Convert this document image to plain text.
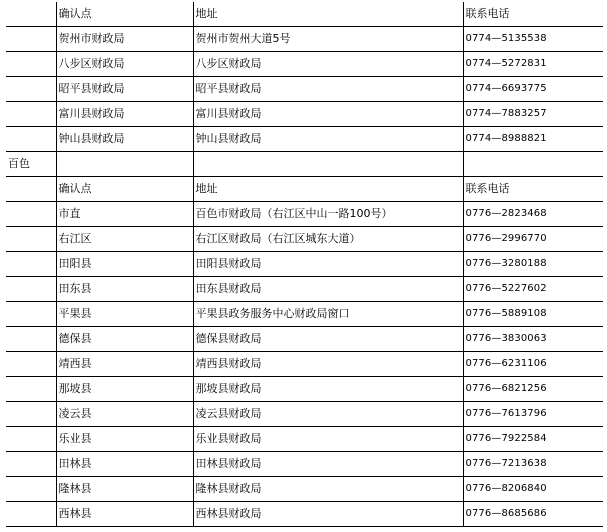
	确认点	地址	联系电话
	贺州市财政局	贺州市贺州大道5号	0774—5135538
	八步区财政局	八步区财政局	0774—5272831
	昭平县财政局	昭平县财政局	0774—6693775
	富川县财政局	富川县财政局	0774—7883257
	钟山县财政局	钟山县财政局	0774—8988821
百色			
	确认点	地址	联系电话
	市直	百色市财政局（右江区中山一路100号）	0776—2823468
	右江区	右江区财政局（右江区城东大道）	0776—2996770
	田阳县	田阳县财政局	0776—3280188
	田东县	田东县财政局	0776—5227602
	平果县	平果县政务服务中心财政局窗口	0776—5889108
	德保县	德保县财政局	0776—3830063
	靖西县	靖西县财政局	0776—6231106
	那坡县	那坡县财政局	0776—6821256
	凌云县	凌云县财政局	0776—7613796
	乐业县	乐业县财政局	0776—7922584
	田林县	田林县财政局	0776—7213638
	隆林县	隆林县财政局	0776—8206840
	西林县	西林县财政局	0776—8685686
